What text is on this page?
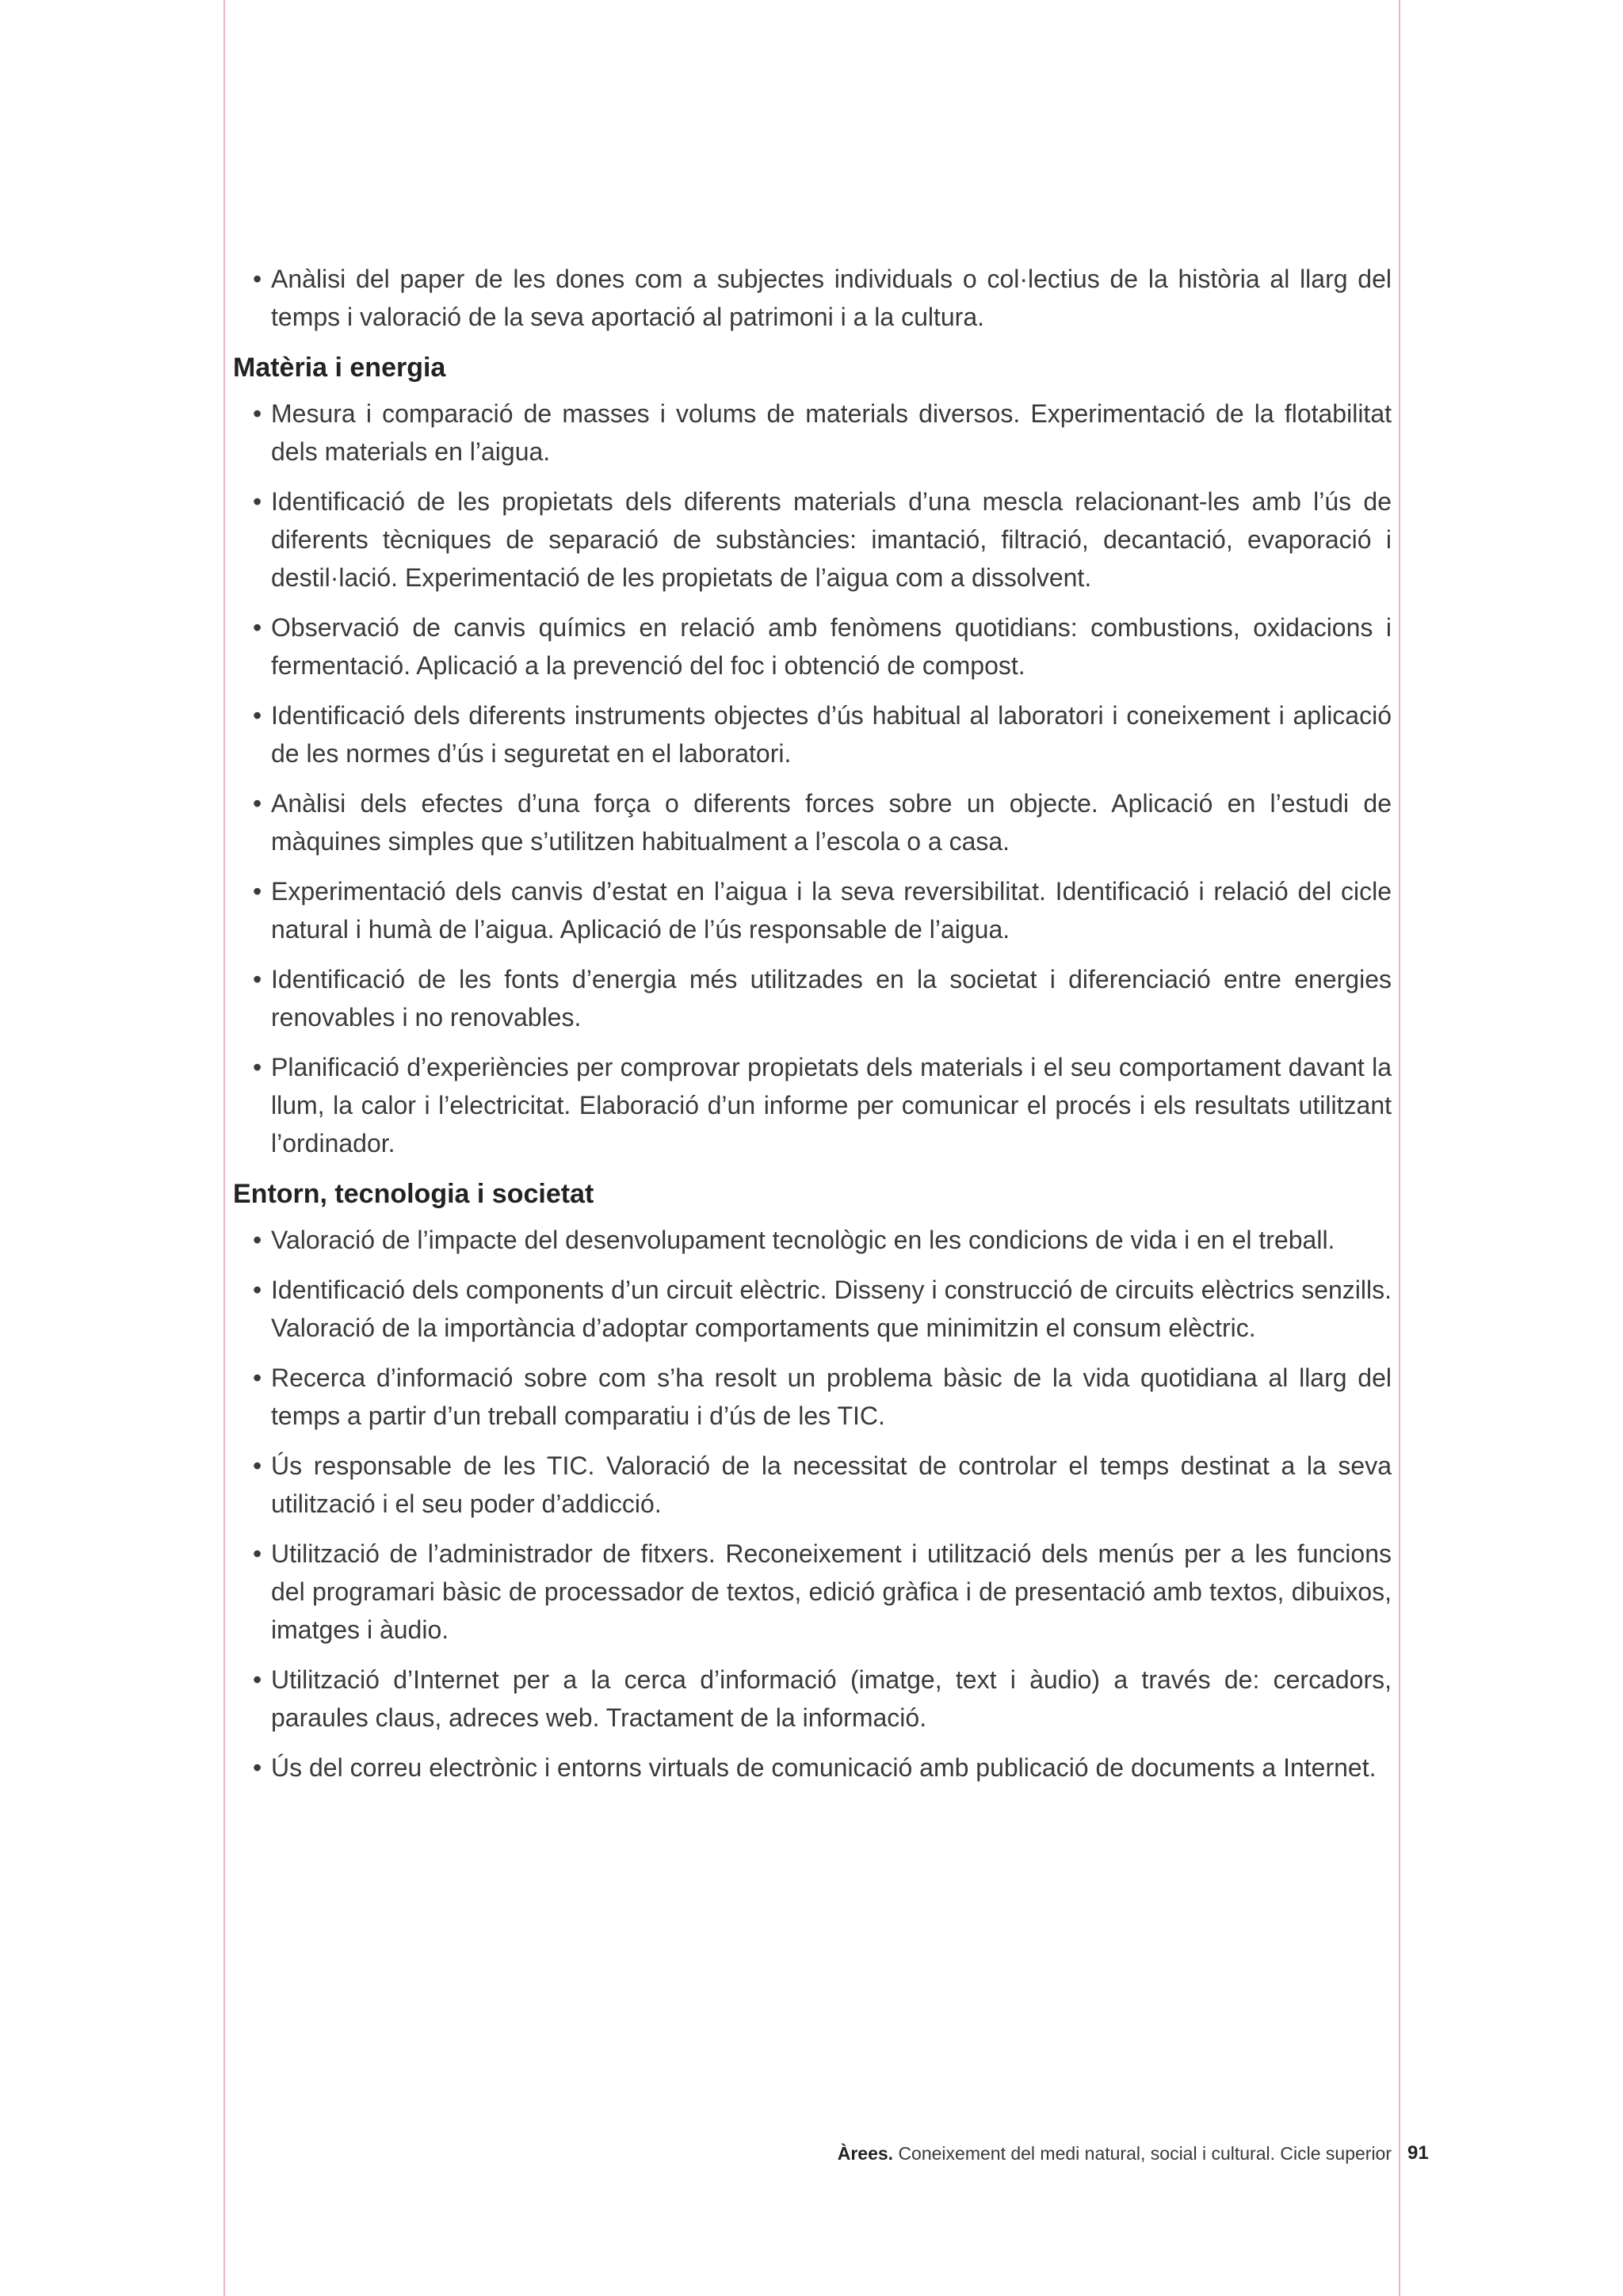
• Anàlisi del paper de les dones com a subjectes individuals o col·lectius de la història al llarg del temps i valoració de la seva aportació al patrimoni i a la cultura.
Matèria i energia
• Mesura i comparació de masses i volums de materials diversos. Experimentació de la flotabilitat dels materials en l’aigua.
• Identificació de les propietats dels diferents materials d’una mescla relacionant-les amb l’ús de diferents tècniques de separació de substàncies: imantació, filtració, decantació, evaporació i destil·lació. Experimentació de les propietats de l’aigua com a dissolvent.
• Observació de canvis químics en relació amb fenòmens quotidians: combustions, oxidacions i fermentació. Aplicació a la prevenció del foc i obtenció de compost.
• Identificació dels diferents instruments objectes d’ús habitual al laboratori i coneixement i aplicació de les normes d’ús i seguretat en el laboratori.
• Anàlisi dels efectes d’una força o diferents forces sobre un objecte. Aplicació en l’estudi de màquines simples que s’utilitzen habitualment a l’escola o a casa.
• Experimentació dels canvis d’estat en l’aigua i la seva reversibilitat. Identificació i relació del cicle natural i humà de l’aigua. Aplicació de l’ús responsable de l’aigua.
• Identificació de les fonts d’energia més utilitzades en la societat i diferenciació entre energies renovables i no renovables.
• Planificació d’experiències per comprovar propietats dels materials i el seu comportament davant la llum, la calor i l’electricitat. Elaboració d’un informe per comunicar el procés i els resultats utilitzant l’ordinador.
Entorn, tecnologia i societat
• Valoració de l’impacte del desenvolupament tecnològic en les condicions de vida i en el treball.
• Identificació dels components d’un circuit elèctric. Disseny i construcció de circuits elèctrics senzills. Valoració de la importància d’adoptar comportaments que minimitzin el consum elèctric.
• Recerca d’informació sobre com s’ha resolt un problema bàsic de la vida quotidiana al llarg del temps a partir d’un treball comparatiu i d’ús de les TIC.
• Ús responsable de les TIC. Valoració de la necessitat de controlar el temps destinat a la seva utilització i el seu poder d’addicció.
• Utilització de l’administrador de fitxers. Reconeixement i utilització dels menús per a les funcions del programari bàsic de processador de textos, edició gràfica i de presentació amb textos, dibuixos, imatges i àudio.
• Utilització d’Internet per a la cerca d’informació (imatge, text i àudio) a través de: cercadors, paraules claus, adreces web. Tractament de la informació.
• Ús del correu electrònic i entorns virtuals de comunicació amb publicació de documents a Internet.
Àrees. Coneixement del medi natural, social i cultural. Cicle superior 91
